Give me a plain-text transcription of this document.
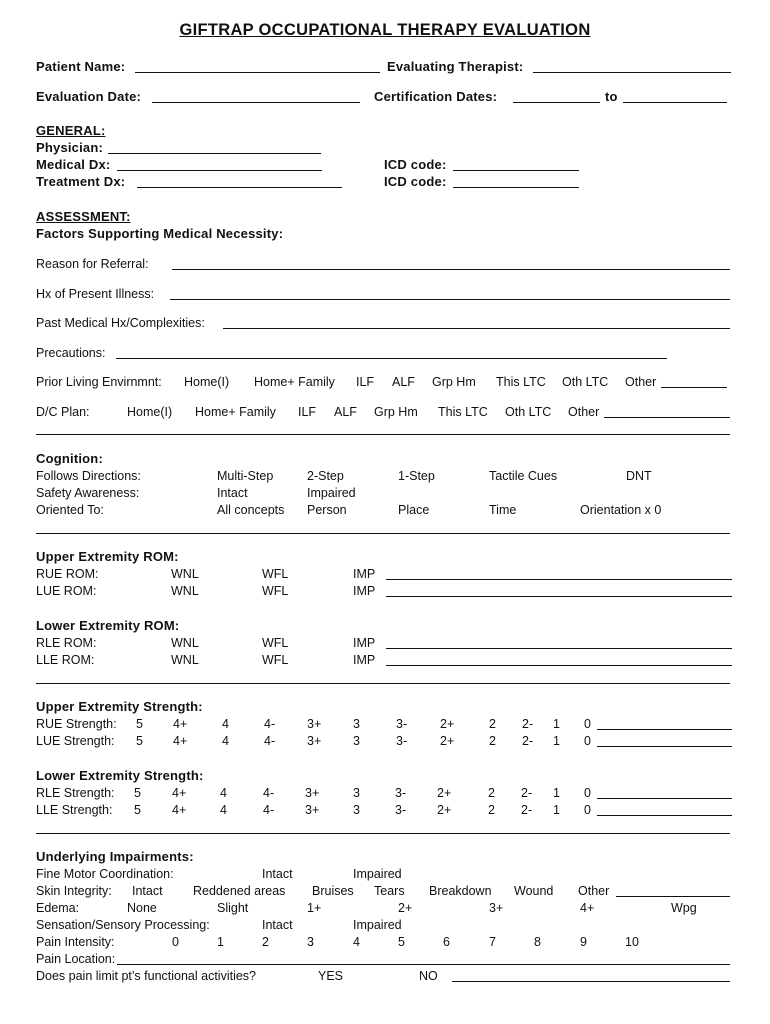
GIFTRAP OCCUPATIONAL THERAPY EVALUATION
Patient Name:	Evaluating Therapist:
Evaluation Date:	Certification Dates:	to
GENERAL:
Physician:
Medical Dx:	ICD code:
Treatment Dx:	ICD code:
ASSESSMENT:
Factors Supporting Medical Necessity:
Reason for Referral:
Hx of Present Illness:
Past Medical Hx/Complexities:
Precautions:
Prior Living Envirnmnt: Home(I) Home+ Family ILF ALF Grp Hm This LTC Oth LTC Other
D/C Plan:	Home(I) Home+ Family ILF ALF Grp Hm This LTC Oth LTC Other
Cognition:
Follows Directions:	Multi-Step	2-Step	1-Step	Tactile Cues	DNT
Safety Awareness:	Intact	Impaired
Oriented To:	All concepts Person	Place	Time	Orientation x 0
Upper Extremity ROM:
RUE ROM:	WNL	WFL	IMP
LUE ROM:	WNL	WFL	IMP
Lower Extremity ROM:
RLE ROM:	WNL	WFL	IMP
LLE ROM:	WNL	WFL	IMP
Upper Extremity Strength:
RUE Strength: 5 4+	4	4-	3+	3	3-	2+	2 2- 1 0
LUE Strength: 5 4+	4	4-	3+	3	3-	2+	2 2- 1 0
Lower Extremity Strength:
RLE Strength: 5 4+	4	4- 3+	3	3- 2+	2 2- 1 0
LLE Strength: 5 4+	4	4- 3+	3	3- 2+	2 2- 1 0
Underlying Impairments:
Fine Motor Coordination:	Intact	Impaired
Skin Integrity: Intact Reddened areas Bruises Tears Breakdown Wound Other
Edema:	None	Slight	1+	2+	3+	4+	Wpg
Sensation/Sensory Processing:	Intact	Impaired
Pain Intensity:	0	1	2	3	4	5	6	7	8	9	10
Pain Location:
Does pain limit pt’s functional activities?	YES	NO
